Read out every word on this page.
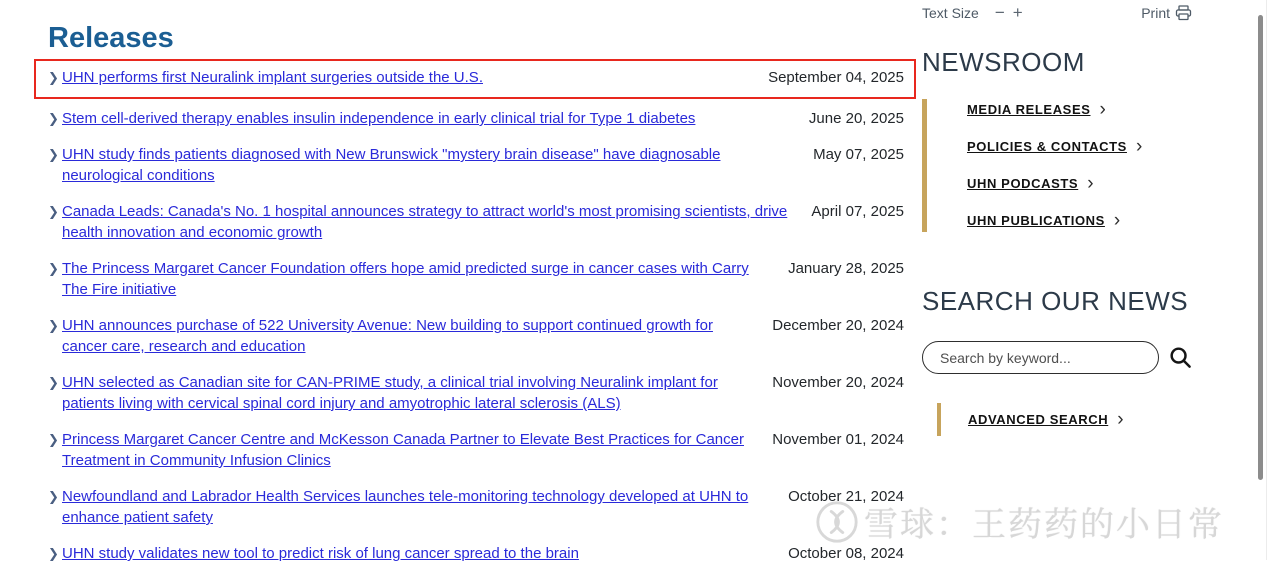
Releases
❯︎ UHN performs first Neuralink implant surgeries outside the U.S.	September 04, 2025
❯︎ Stem cell-derived therapy enables insulin independence in early clinical trial for Type 1 diabetes	June 20, 2025
❯︎ UHN study finds patients diagnosed with New Brunswick "mystery brain disease" have diagnosable neurological conditions
May 07, 2025
❯︎ Canada Leads: Canada's No. 1 hospital announces strategy to attract world's most promising scientists, drive health innovation and economic growth
April 07, 2025
❯︎ The Princess Margaret Cancer Foundation offers hope amid predicted surge in cancer cases with Carry The Fire initiative
January 28, 2025
❯︎ UHN announces purchase of 522 University Avenue: New building to support continued growth for cancer care, research and education
December 20, 2024
❯︎ UHN selected as Canadian site for CAN-PRIME study, a clinical trial involving Neuralink implant for patients living with cervical spinal cord injury and amyotrophic lateral sclerosis (ALS)
November 20, 2024
❯︎ Princess Margaret Cancer Centre and McKesson Canada Partner to Elevate Best Practices for Cancer Treatment in Community Infusion Clinics
November 01, 2024
❯︎ Newfoundland and Labrador Health Services launches tele-monitoring technology developed at UHN to enhance patient safety
October 21, 2024
❯︎ UHN study validates new tool to predict risk of lung cancer spread to the brain	October 08, 2024
Text Size − +	Print
NEWSROOM
MEDIA RELEASES ›
POLICIES & CONTACTS ›
UHN PODCASTS ›
UHN PUBLICATIONS ›
SEARCH OUR NEWS
Search by keyword...
ADVANCED SEARCH ›
雪球：王药药的小日常
